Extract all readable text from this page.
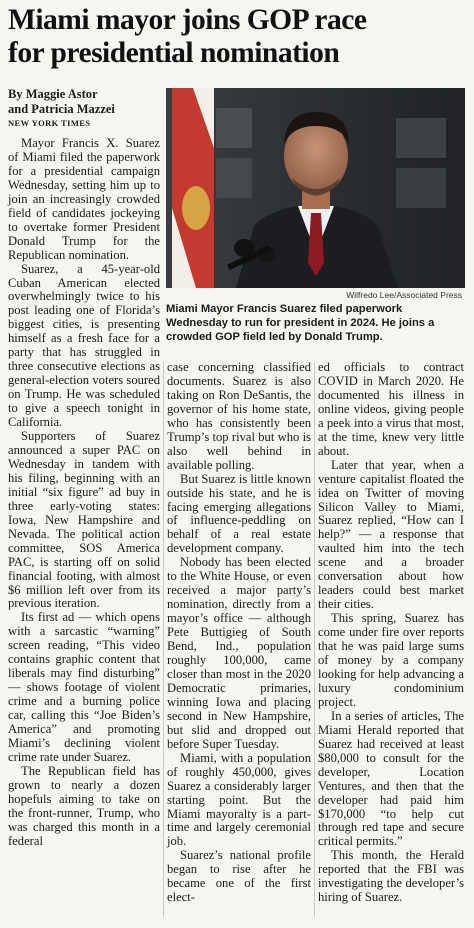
Miami mayor joins GOP race
for presidential nomination
By Maggie Astor
and Patricia Mazzei
NEW YORK TIMES
Wilfredo Lee/Associated Press
Miami Mayor Francis Suarez filed paperwork Wednesday to run for president in 2024. He joins a crowded GOP field led by Donald Trump.

Mayor Francis X. Suarez of Miami filed the paperwork for a presidential campaign Wednesday, setting him up to join an increasingly crowded field of candidates jockeying to overtake former President Donald Trump for the Republican nomination.

Suarez, a 45-year-old Cuban American elected overwhelmingly twice to his post leading one of Florida’s biggest cities, is presenting himself as a fresh face for a party that has struggled in three consecutive elections as general-election voters soured on Trump. He was scheduled to give a speech tonight in California.

Supporters of Suarez announced a super PAC on Wednesday in tandem with his filing, beginning with an initial “six figure” ad buy in three early-voting states: Iowa, New Hampshire and Nevada. The political action committee, SOS America PAC, is starting off on solid financial footing, with almost $6 million left over from its previous iteration.

Its first ad — which opens with a sarcastic “warning” screen reading, “This video contains graphic content that liberals may find disturbing” — shows footage of violent crime and a burning police car, calling this “Joe Biden’s America” and promoting Miami’s declining violent crime rate under Suarez.

The Republican field has grown to nearly a dozen hopefuls aiming to take on the front-runner, Trump, who was charged this month in a federal

case concerning classified documents. Suarez is also taking on Ron DeSantis, the governor of his home state, who has consistently been Trump’s top rival but who is also well behind in available polling.

But Suarez is little known outside his state, and he is facing emerging allegations of influence-peddling on behalf of a real estate development company.

Nobody has been elected to the White House, or even received a major party’s nomination, directly from a mayor’s office — although Pete Buttigieg of South Bend, Ind., population roughly 100,000, came closer than most in the 2020 Democratic primaries, winning Iowa and placing second in New Hampshire, but slid and dropped out before Super Tuesday.

Miami, with a population of roughly 450,000, gives Suarez a considerably larger starting point. But the Miami mayoralty is a part-time and largely ceremonial job.

Suarez’s national profile began to rise after he became one of the first elect-

ed officials to contract COVID in March 2020. He documented his illness in online videos, giving people a peek into a virus that most, at the time, knew very little about.

Later that year, when a venture capitalist floated the idea on Twitter of moving Silicon Valley to Miami, Suarez replied, “How can I help?” — a response that vaulted him into the tech scene and a broader conversation about how leaders could best market their cities.

This spring, Suarez has come under fire over reports that he was paid large sums of money by a company looking for help advancing a luxury condominium project.

In a series of articles, The Miami Herald reported that Suarez had received at least $80,000 to consult for the developer, Location Ventures, and then that the developer had paid him $170,000 “to help cut through red tape and secure critical permits.”

This month, the Herald reported that the FBI was investigating the developer’s hiring of Suarez.
